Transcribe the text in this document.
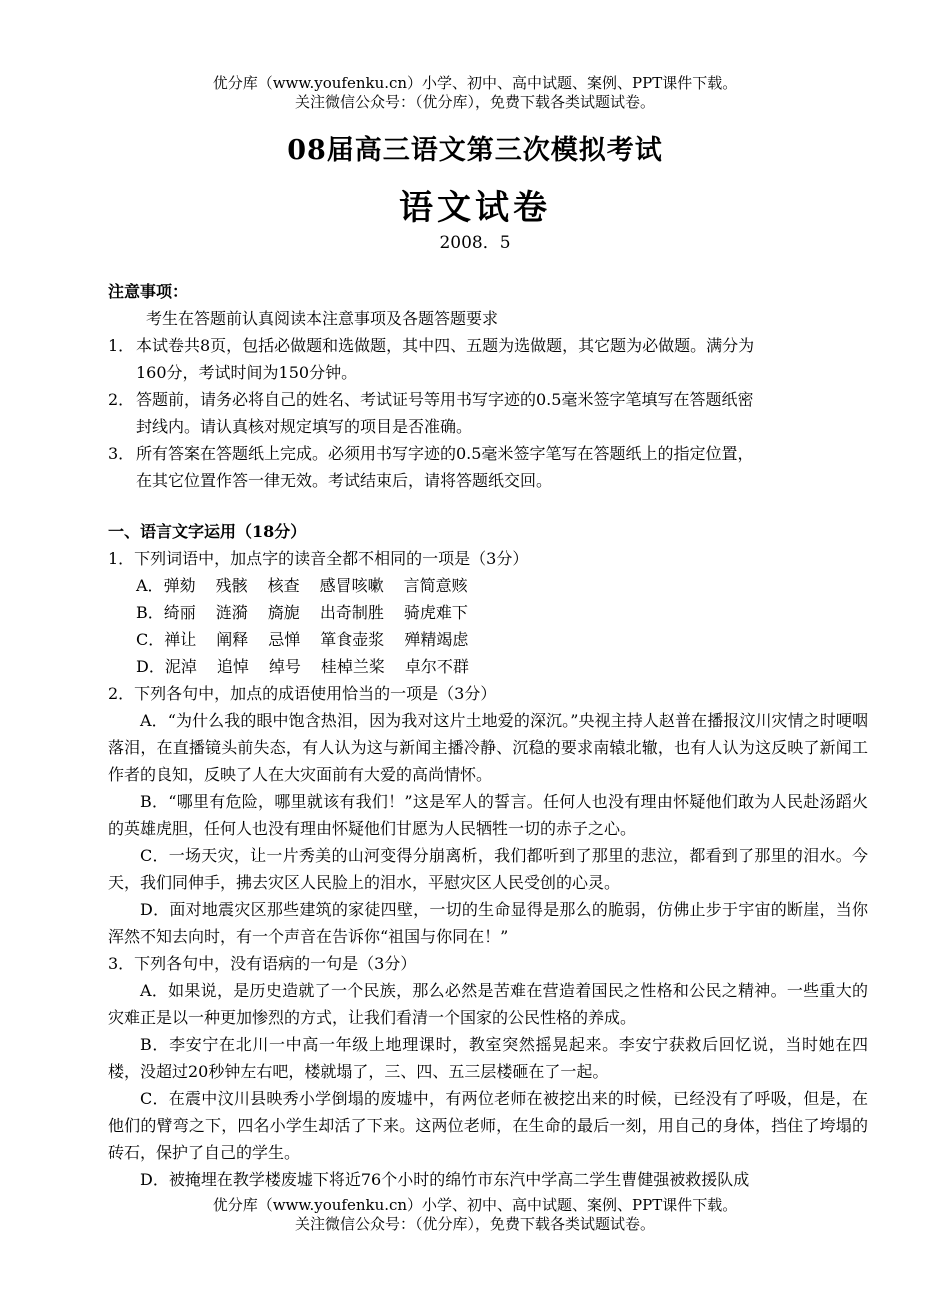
优分库（www.youfenku.cn）小学、初中、高中试题、案例、PPT课件下载。
关注微信公众号：（优分库），免费下载各类试题试卷。
08届高三语文第三次模拟考试
语文试卷
2008．5
注意事项：
考生在答题前认真阅读本注意事项及各题答题要求
1． 本试卷共8页，包括必做题和选做题，其中四、五题为选做题，其它题为必做题。满分为
160分，考试时间为150分钟。
2． 答题前，请务必将自己的姓名、考试证号等用书写字迹的0.5毫米签字笔填写在答题纸密
封线内。请认真核对规定填写的项目是否准确。
3． 所有答案在答题纸上完成。必须用书写字迹的0.5毫米签字笔写在答题纸上的指定位置，
在其它位置作答一律无效。考试结束后，请将答题纸交回。
一、语言文字运用（18分）
1．下列词语中，加点字的读音全都不相同的一项是（3分）
A．弹劾 残骸 核查 感冒咳嗽 言简意赅
B．绮丽 涟漪 旖旎 出奇制胜 骑虎难下
C．禅让 阐释 忌惮 箪食壶浆 殚精竭虑
D．泥淖 追悼 绰号 桂棹兰桨 卓尔不群
2．下列各句中，加点的成语使用恰当的一项是（3分）
A．“为什么我的眼中饱含热泪，因为我对这片土地爱的深沉。”央视主持人赵普在播报汶川灾情之时哽咽落泪，在直播镜头前失态，有人认为这与新闻主播冷静、沉稳的要求南辕北辙，也有人认为这反映了新闻工作者的良知，反映了人在大灾面前有大爱的高尚情怀。
B．“哪里有危险，哪里就该有我们！”这是军人的誓言。任何人也没有理由怀疑他们敢为人民赴汤蹈火的英雄虎胆，任何人也没有理由怀疑他们甘愿为人民牺牲一切的赤子之心。
C．一场天灾，让一片秀美的山河变得分崩离析，我们都听到了那里的悲泣，都看到了那里的泪水。今天，我们同伸手，拂去灾区人民脸上的泪水，平慰灾区人民受创的心灵。
D．面对地震灾区那些建筑的家徒四壁，一切的生命显得是那么的脆弱，仿佛止步于宇宙的断崖，当你浑然不知去向时，有一个声音在告诉你“祖国与你同在！”
3．下列各句中，没有语病的一句是（3分）
A．如果说，是历史造就了一个民族，那么必然是苦难在营造着国民之性格和公民之精神。一些重大的灾难正是以一种更加惨烈的方式，让我们看清一个国家的公民性格的养成。
B．李安宁在北川一中高一年级上地理课时，教室突然摇晃起来。李安宁获救后回忆说，当时她在四楼，没超过20秒钟左右吧，楼就塌了，三、四、五三层楼砸在了一起。
C．在震中汶川县映秀小学倒塌的废墟中，有两位老师在被挖出来的时候，已经没有了呼吸，但是，在他们的臂弯之下，四名小学生却活了下来。这两位老师，在生命的最后一刻，用自己的身体，挡住了垮塌的砖石，保护了自己的学生。
D．被掩埋在教学楼废墟下将近76个小时的绵竹市东汽中学高二学生曹健强被救援队成
优分库（www.youfenku.cn）小学、初中、高中试题、案例、PPT课件下载。
关注微信公众号：（优分库），免费下载各类试题试卷。
